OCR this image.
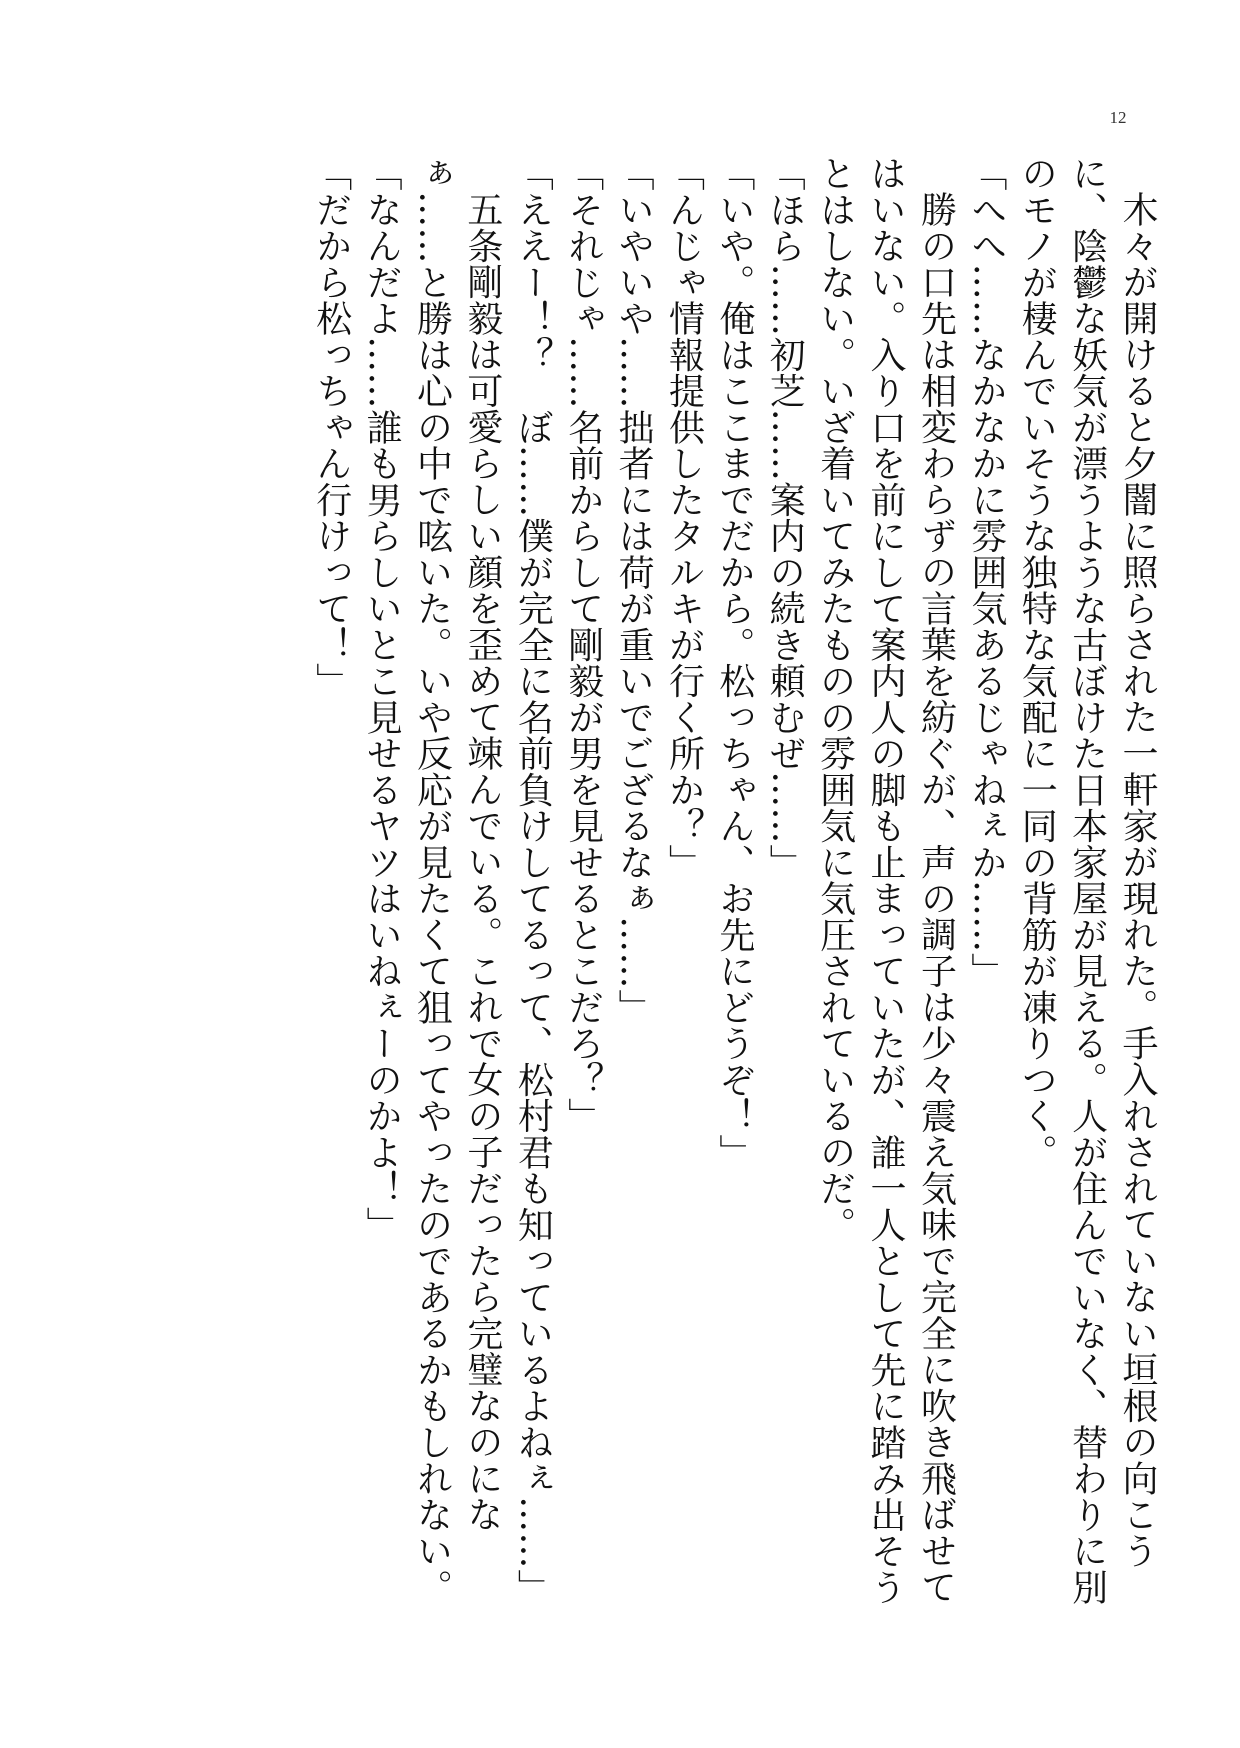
12

木々が開けると夕闇に照らされた一軒家が現れた。手入れされていない垣根の向こうに、陰鬱な妖気が漂うような古ぼけた日本家屋が見える。人が住んでいなく、替わりに別のモノが棲んでいそうな独特な気配に一同の背筋が凍りつく。

「へへ……なかなかに雰囲気あるじゃねぇか……」

勝の口先は相変わらずの言葉を紡ぐが、声の調子は少々震え気味で完全に吹き飛ばせてはいない。入り口を前にして案内人の脚も止まっていたが、誰一人として先に踏み出そうとはしない。いざ着いてみたものの雰囲気に気圧されているのだ。

「ほら……初芝……案内の続き頼むぜ……」

「いや。俺はここまでだから。松っちゃん、お先にどうぞ！」

「んじゃ情報提供したタルキが行く所か？」

「いやいや……拙者には荷が重いでござるなぁ……」

「それじゃ……名前からして剛毅が男を見せるとこだろ？」

「ええー！？　ぼ……僕が完全に名前負けしてるって、松村君も知っているよねぇ……」

五条剛毅は可愛らしい顔を歪めて竦んでいる。これで女の子だったら完璧なのになぁ……と勝は心の中で呟いた。いや反応が見たくて狙ってやったのであるかもしれない。

「なんだよ……誰も男らしいとこ見せるヤツはいねぇーのかよ！」

「だから松っちゃん行けって！」
